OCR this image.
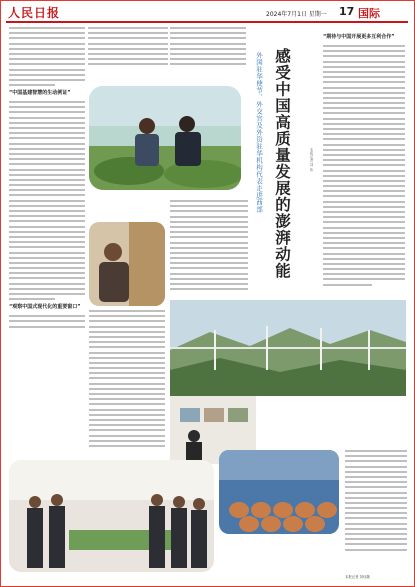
人民日报	2024年7月1日 星期一 17 国际
“中国基建智慧的生动例证”
“观察中国式现代化的重要窗口”
感受中国高质量发展的澎湃动能
外国驻华使节、外交官及外资驻华机构代表走进西部	本报记者 刘 伟
“期待与中国开展更多互利合作”
本报记者 刘伟摄
